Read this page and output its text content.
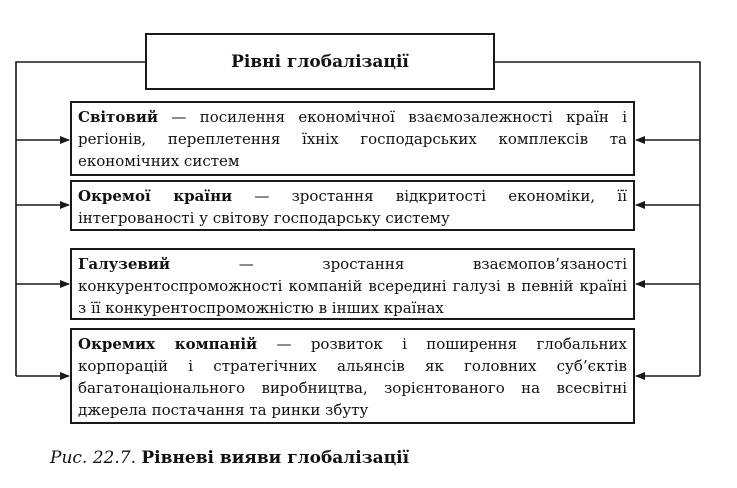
Рівні глобалізації
Світовий — посилення економічної взаємозалежності країн і регіонів, переплетення їхніх господарських комплексів та економічних систем
Окремої країни — зростання відкритості економіки, її інтегрованості у світову господарську систему
Галузевий — зростання взаємопов’язаності конкурентоспроможності компаній всередині галузі в певній країні з її конкурентоспроможністю в інших країнах
Окремих компаній — розвиток і поширення глобальних корпорацій і стратегічних альянсів як головних суб’єктів багатонаціонального виробництва, зорієнтованого на всесвітні джерела постачання та ринки збуту
Рис. 22.7. Рівневі вияви глобалізації
